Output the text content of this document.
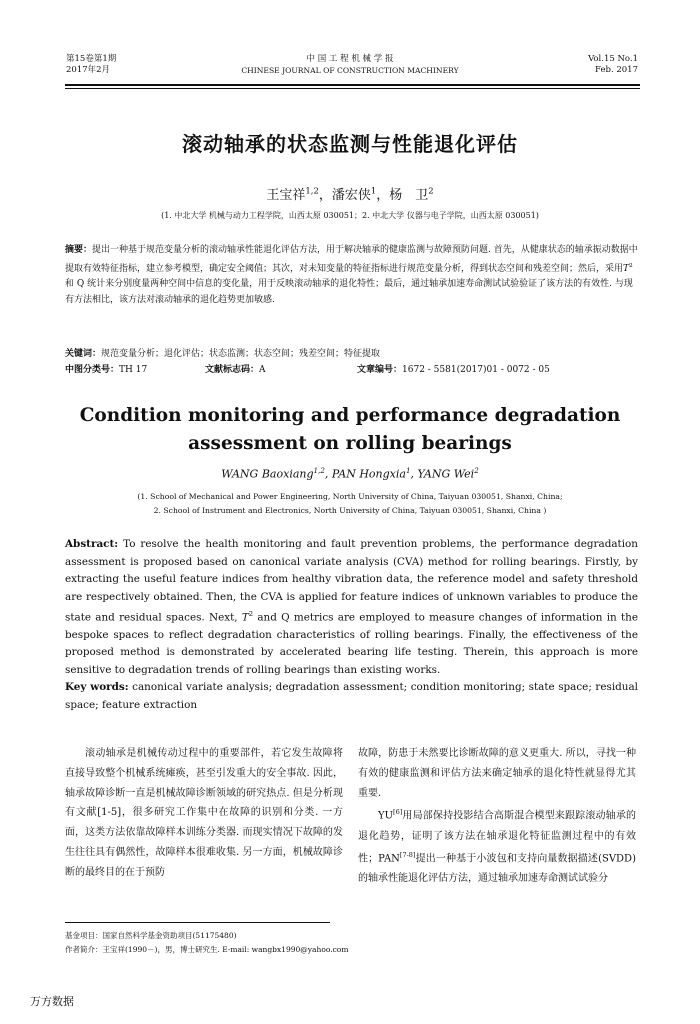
第15卷第1期
2017年2月
中 国 工 程 机 械 学 报
CHINESE JOURNAL OF CONSTRUCTION MACHINERY
Vol.15 No.1
Feb. 2017
滚动轴承的状态监测与性能退化评估
王宝祥$^{1,2}$，潘宏侠$^1$，杨　卫$^2$
(1. 中北大学 机械与动力工程学院，山西太原 030051；2. 中北大学 仪器与电子学院，山西太原 030051)
摘要：提出一种基于规范变量分析的滚动轴承性能退化评估方法，用于解决轴承的健康监测与故障预防问题. 首先，从健康状态的轴承振动数据中提取有效特征指标，建立参考模型，确定安全阈值；其次，对未知变量的特征指标进行规范变量分析，得到状态空间和残差空间；然后，采用$T^2$和 Q 统计来分别度量两种空间中信息的变化量，用于反映滚动轴承的退化特性；最后，通过轴承加速寿命测试试验验证了该方法的有效性. 与现有方法相比，该方法对滚动轴承的退化趋势更加敏感.
关键词：规范变量分析；退化评估；状态监测；状态空间；残差空间；特征提取
中图分类号：TH 17	文献标志码：A	文章编号：1672 - 5581(2017)01 - 0072 - 05
Condition monitoring and performance degradation
assessment on rolling bearings
WANG Baoxiang$^{1,2}$, PAN Hongxia$^1$, YANG Wei$^2$
(1. School of Mechanical and Power Engineering, North University of China, Taiyuan 030051, Shanxi, China;
2. School of Instrument and Electronics, North University of China, Taiyuan 030051, Shanxi, China )
Abstract: To resolve the health monitoring and fault prevention problems, the performance degradation assessment is proposed based on canonical variate analysis (CVA) method for rolling bearings. Firstly, by extracting the useful feature indices from healthy vibration data, the reference model and safety threshold are respectively obtained. Then, the CVA is applied for feature indices of unknown variables to produce the state and residual spaces. Next, $T^2$ and Q metrics are employed to measure changes of information in the bespoke spaces to reflect degradation characteristics of rolling bearings. Finally, the effectiveness of the proposed method is demonstrated by accelerated bearing life testing. Therein, this approach is more sensitive to degradation trends of rolling bearings than existing works.
Key words: canonical variate analysis; degradation assessment; condition monitoring; state space; residual space; feature extraction
滚动轴承是机械传动过程中的重要部件，若它发生故障将直接导致整个机械系统瘫痪，甚至引发重大的安全事故. 因此，轴承故障诊断一直是机械故障诊断领域的研究热点. 但是分析现有文献[1-5]，很多研究工作集中在故障的识别和分类. 一方面，这类方法依靠故障样本训练分类器. 而现实情况下故障的发生往往具有偶然性，故障样本很难收集. 另一方面，机械故障诊断的最终目的在于预防
故障，防患于未然要比诊断故障的意义更重大. 所以，寻找一种有效的健康监测和评估方法来确定轴承的退化特性就显得尤其重要.
YU[6]用局部保持投影结合高斯混合模型来跟踪滚动轴承的退化趋势，证明了该方法在轴承退化特征监测过程中的有效性；PAN[7-8]提出一种基于小波包和支持向量数据描述(SVDD)的轴承性能退化评估方法，通过轴承加速寿命测试试验分
基金项目：国家自然科学基金资助项目(51175480)
作者简介：王宝祥(1990－)，男，博士研究生. E-mail: wangbx1990@yahoo.com
万方数据
